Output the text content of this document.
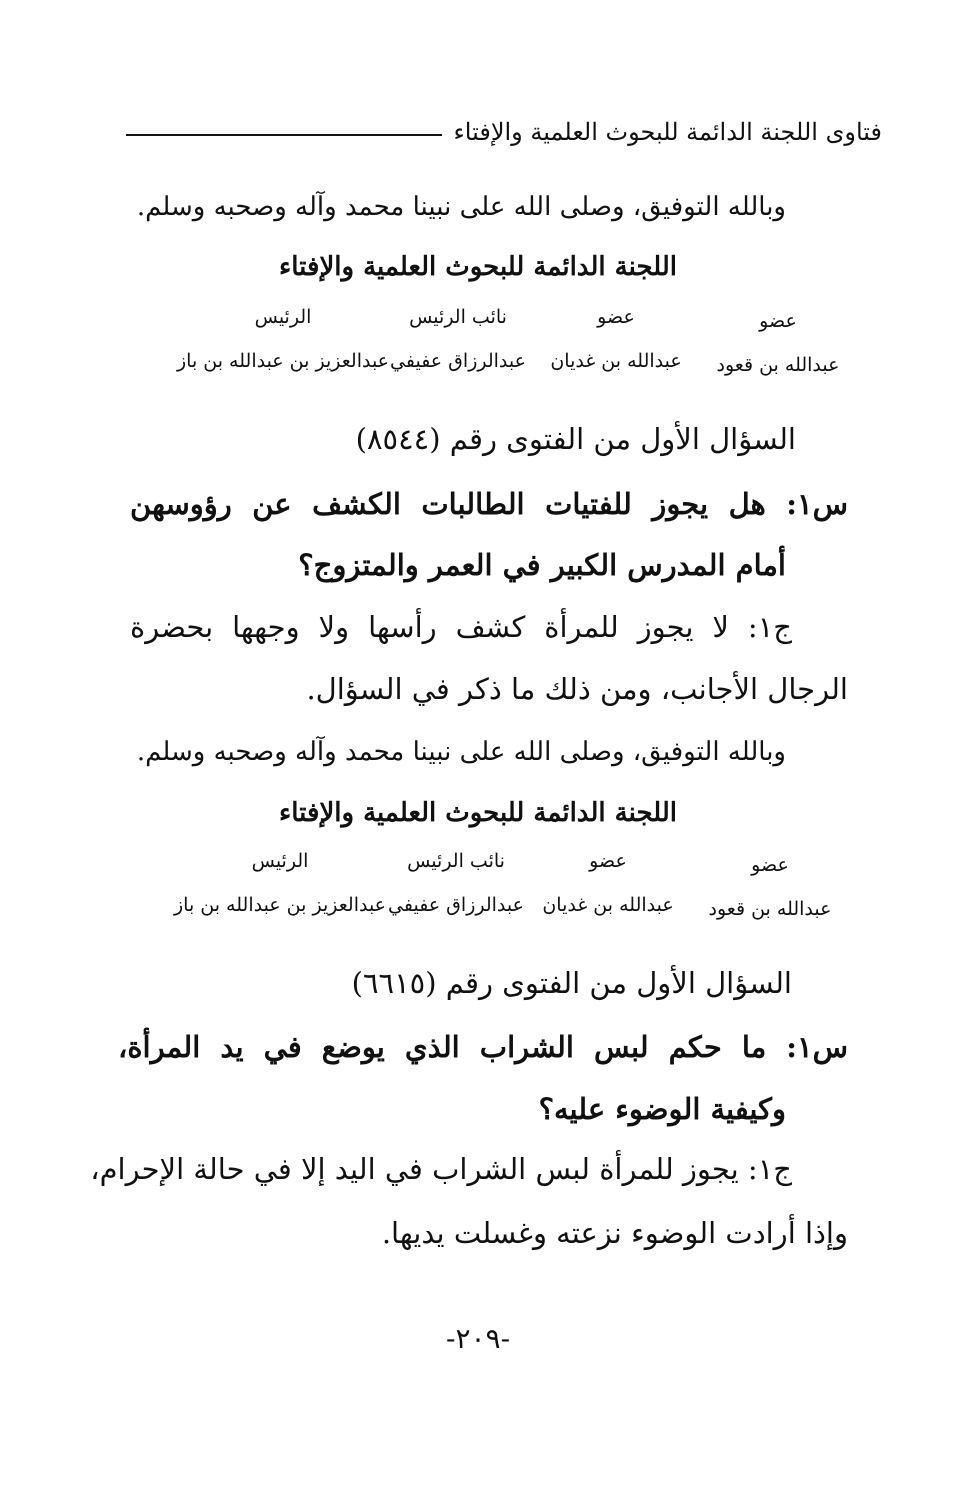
فتاوى اللجنة الدائمة للبحوث العلمية والإفتاء
وبالله التوفيق، وصلى الله على نبينا محمد وآله وصحبه وسلم.
اللجنة الدائمة للبحوث العلمية والإفتاء
عضو
عضو
نائب الرئيس
الرئيس
عبدالله بن قعود
عبدالله بن غديان
عبدالرزاق عفيفي
عبدالعزيز بن عبدالله بن باز
السؤال الأول من الفتوى رقم (٨٥٤٤)
س١: هل يجوز للفتيات الطالبات الكشف عن رؤوسهن
أمام المدرس الكبير في العمر والمتزوج؟
ج١: لا يجوز للمرأة كشف رأسها ولا وجهها بحضرة
الرجال الأجانب، ومن ذلك ما ذكر في السؤال.
وبالله التوفيق، وصلى الله على نبينا محمد وآله وصحبه وسلم.
اللجنة الدائمة للبحوث العلمية والإفتاء
عضو
عضو
نائب الرئيس
الرئيس
عبدالله بن قعود
عبدالله بن غديان
عبدالرزاق عفيفي
عبدالعزيز بن عبدالله بن باز
السؤال الأول من الفتوى رقم (٦٦١٥)
س١: ما حكم لبس الشراب الذي يوضع في يد المرأة،
وكيفية الوضوء عليه؟
ج١: يجوز للمرأة لبس الشراب في اليد إلا في حالة الإحرام،
وإذا أرادت الوضوء نزعته وغسلت يديها.
-٢٠٩-
